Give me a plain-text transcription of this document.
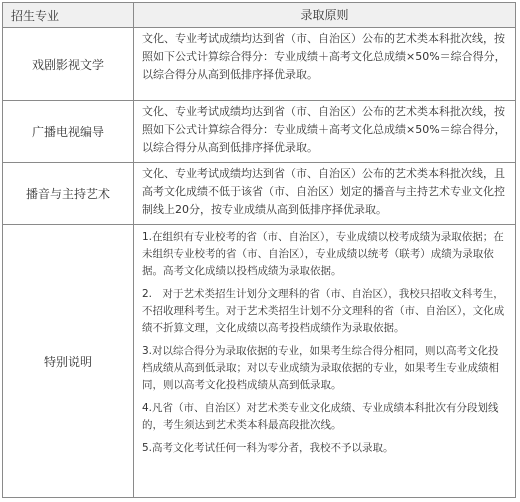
招生专业	录取原则
戏剧影视文学
文化、专业考试成绩均达到省（市、自治区）公布的艺术类本科批次线，按照如下公式计算综合得分：专业成绩＋高考文化总成绩×50%＝综合得分，以综合得分从高到低排序择优录取。
广播电视编导
文化、专业考试成绩均达到省（市、自治区）公布的艺术类本科批次线，按照如下公式计算综合得分：专业成绩＋高考文化总成绩×50%＝综合得分，以综合得分从高到低排序择优录取。
播音与主持艺术
文化、专业考试成绩均达到省（市、自治区）公布的艺术类本科批次线，且高考文化成绩不低于该省（市、自治区）划定的播音与主持艺术专业文化控制线上20分，按专业成绩从高到低排序择优录取。
特别说明
1.在组织有专业校考的省（市、自治区），专业成绩以校考成绩为录取依据；在未组织专业校考的省（市、自治区），专业成绩以统考（联考）成绩为录取依据。高考文化成绩以投档成绩为录取依据。
2.　对于艺术类招生计划分文理科的省（市、自治区），我校只招收文科考生，不招收理科考生。对于艺术类招生计划不分文理科的省（市、自治区），文化成绩不折算文理，文化成绩以高考投档成绩作为录取依据。
3.对以综合得分为录取依据的专业，如果考生综合得分相同，则以高考文化投档成绩从高到低录取；对以专业成绩为录取依据的专业，如果考生专业成绩相同，则以高考文化投档成绩从高到低录取。
4.凡省（市、自治区）对艺术类专业文化成绩、专业成绩本科批次有分段划线的，考生须达到艺术类本科最高段批次线。
5.高考文化考试任何一科为零分者，我校不予以录取。
